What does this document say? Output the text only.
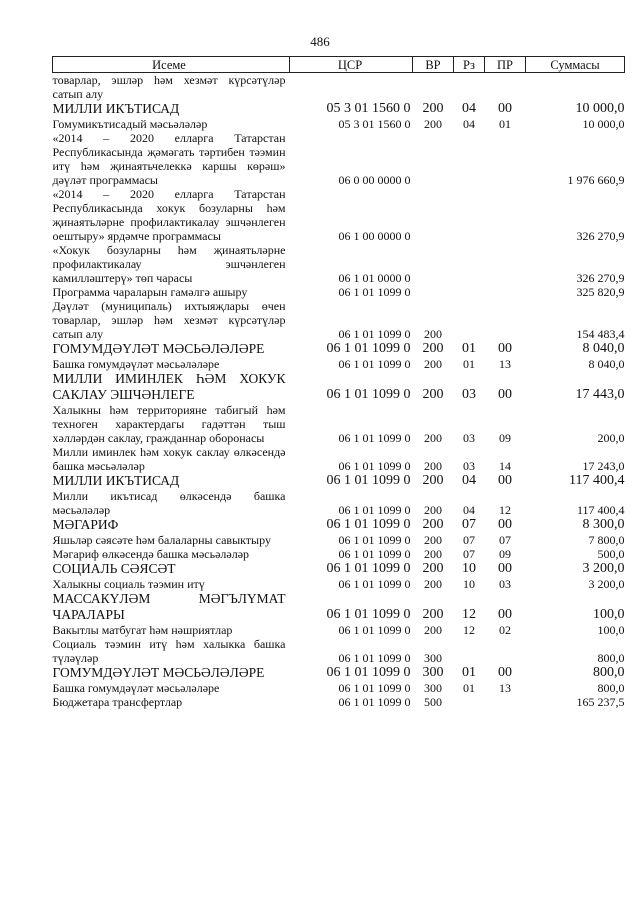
486
Исеме	ЦСР	ВР	Рз	ПР	Суммасы
товарлар, эшләр һәм хезмәт күрсәтүләр сатып алу					
МИЛЛИ ИКЪТИСАД	05 3 01 1560 0	200	04	00	10 000,0
Гомумикътисадый мәсьәләләр	05 3 01 1560 0	200	04	01	10 000,0
«2014 – 2020 елларга Татарстан Республикасында җәмәгать тәртибен тәэмин итү һәм җинаятьчелеккә каршы көрәш» дәүләт программасы	06 0 00 0000 0				1 976 660,9
«2014 – 2020 елларга Татарстан Республикасында хокук бозуларны һәм җинаятьләрне профилактикалау эшчәнлеген оештыру» ярдәмче программасы	06 1 00 0000 0				326 270,9
«Хокук бозуларны һәм җинаятьләрне профилактикалау эшчәнлеген камилләштерү» төп чарасы	06 1 01 0000 0				326 270,9
Программа чараларын гамәлгә ашыру	06 1 01 1099 0				325 820,9
Дәүләт (муниципаль) ихтыяҗлары өчен товарлар, эшләр һәм хезмәт күрсәтүләр сатып алу	06 1 01 1099 0	200			154 483,4
ГОМУМДӘҮЛӘТ МӘСЬӘЛӘЛӘРЕ	06 1 01 1099 0	200	01	00	8 040,0
Башка гомумдәүләт мәсьәләләре	06 1 01 1099 0	200	01	13	8 040,0
МИЛЛИ ИМИНЛЕК ҺӘМ ХОКУК САКЛАУ ЭШЧӘНЛЕГЕ	06 1 01 1099 0	200	03	00	17 443,0
Халыкны һәм территорияне табигый һәм техноген характердагы гадәттән тыш хәлләрдән саклау, гражданнар оборонасы	06 1 01 1099 0	200	03	09	200,0
Милли иминлек һәм хокук саклау өлкәсендә башка мәсьәләләр	06 1 01 1099 0	200	03	14	17 243,0
МИЛЛИ ИКЪТИСАД	06 1 01 1099 0	200	04	00	117 400,4
Милли икътисад өлкәсендә башка мәсьәләләр	06 1 01 1099 0	200	04	12	117 400,4
МӘГАРИФ	06 1 01 1099 0	200	07	00	8 300,0
Яшьләр сәясәте һәм балаларны савыктыру	06 1 01 1099 0	200	07	07	7 800,0
Мәгариф өлкәсендә башка мәсьәләләр	06 1 01 1099 0	200	07	09	500,0
СОЦИАЛЬ СӘЯСӘТ	06 1 01 1099 0	200	10	00	3 200,0
Халыкны социаль тәэмин итү	06 1 01 1099 0	200	10	03	3 200,0
МАССАКҮЛӘМ МӘГЪЛҮМАТ ЧАРАЛАРЫ	06 1 01 1099 0	200	12	00	100,0
Вакытлы матбугат һәм нәшриятлар	06 1 01 1099 0	200	12	02	100,0
Социаль тәэмин итү һәм халыкка башка түләүләр	06 1 01 1099 0	300			800,0
ГОМУМДӘҮЛӘТ МӘСЬӘЛӘЛӘРЕ	06 1 01 1099 0	300	01	00	800,0
Башка гомумдәүләт мәсьәләләре	06 1 01 1099 0	300	01	13	800,0
Бюджетара трансфертлар	06 1 01 1099 0	500			165 237,5
